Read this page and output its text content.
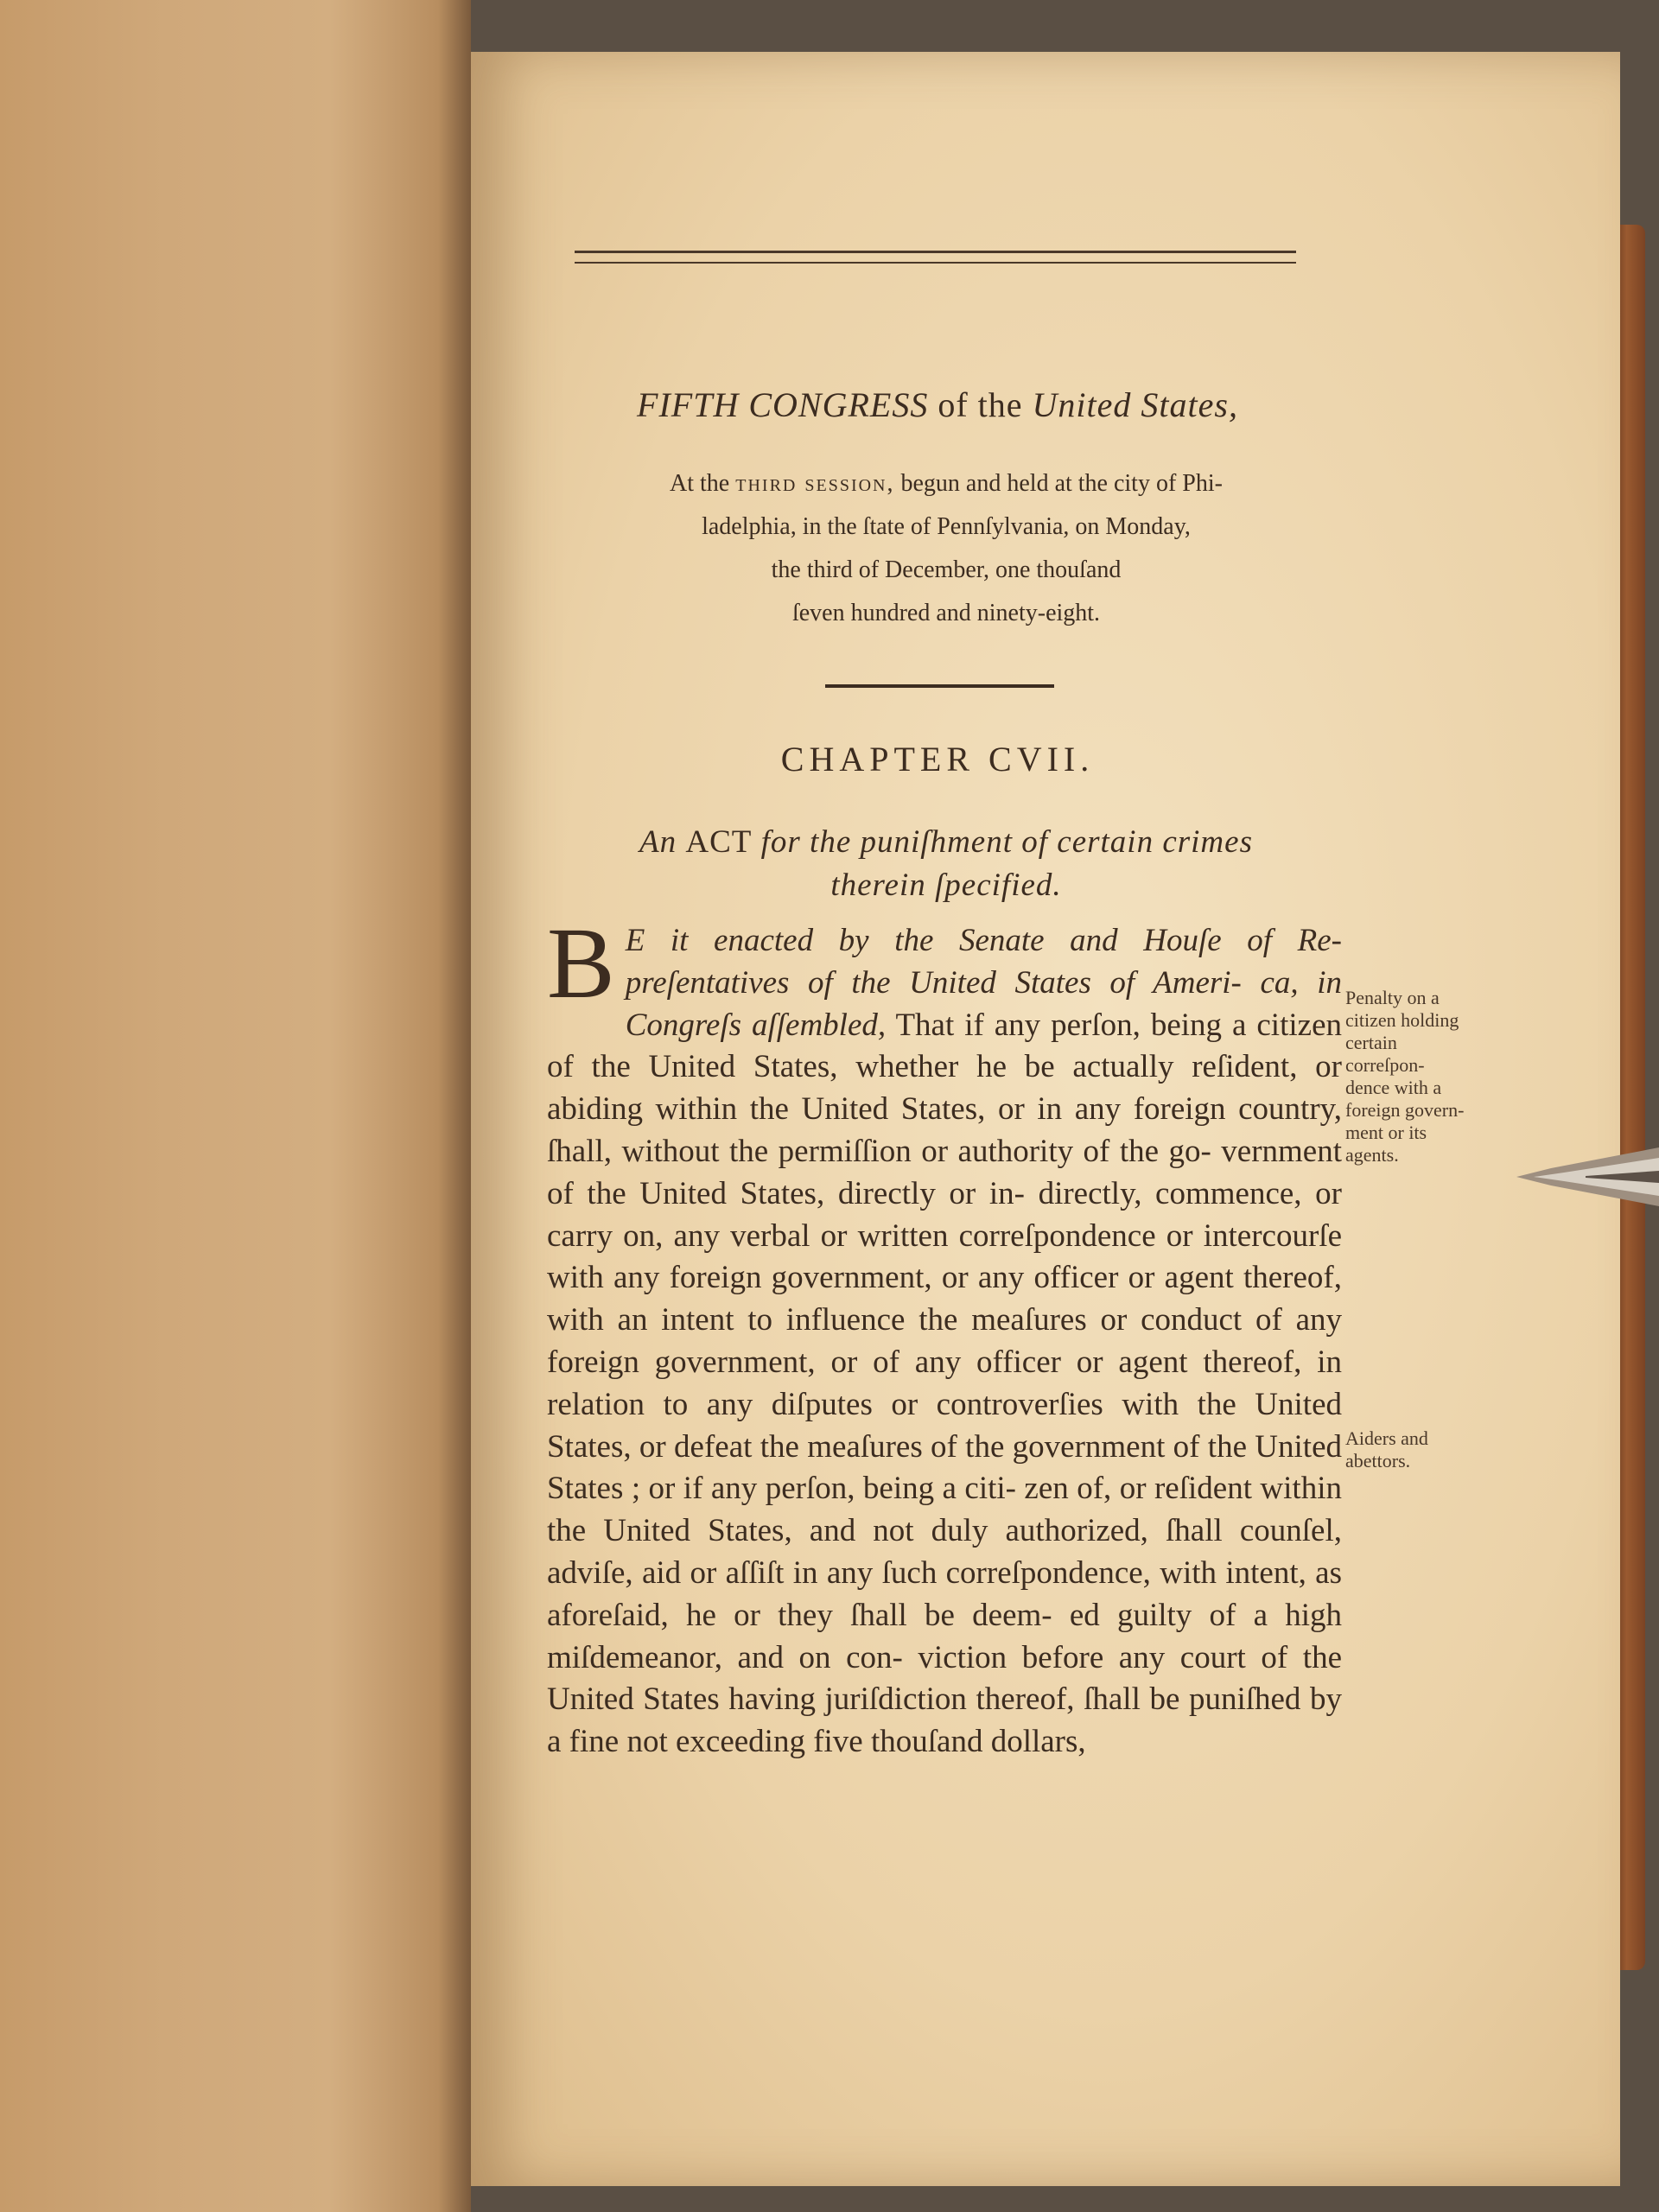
FIFTH CONGRESS of the United States,
At the third session, begun and held at the city of Phi-
ladelphia, in the ſtate of Pennſylvania, on Monday,
the third of December, one thouſand
ſeven hundred and ninety-eight.
CHAPTER CVII.
An ACT for the puniſhment of certain crimes
therein ſpecified.
B E it enacted by the Senate and Houſe of Re- preſentatives of the United States of Ameri- ca, in Congreſs aſſembled, That if any perſon, being a citizen of the United States, whether he be actually reſident, or abiding within the United States, or in any foreign country, ſhall, without the permiſſion or authority of the go- vernment of the United States, directly or in- directly, commence, or carry on, any verbal or written correſpondence or intercourſe with any foreign government, or any officer or agent thereof, with an intent to influence the meaſures or conduct of any foreign government, or of any officer or agent thereof, in relation to any diſputes or controverſies with the United States, or defeat the meaſures of the government of the United States ; or if any perſon, being a citi- zen of, or reſident within the United States, and not duly authorized, ſhall counſel, adviſe, aid or aſſiſt in any ſuch correſpondence, with intent, as aforeſaid, he or they ſhall be deem- ed guilty of a high miſdemeanor, and on con- viction before any court of the United States having juriſdiction thereof, ſhall be puniſhed by a fine not exceeding five thouſand dollars,
Penalty on a citizen holding certain correſpon- dence with a foreign govern- ment or its agents.
Aiders and abettors.
